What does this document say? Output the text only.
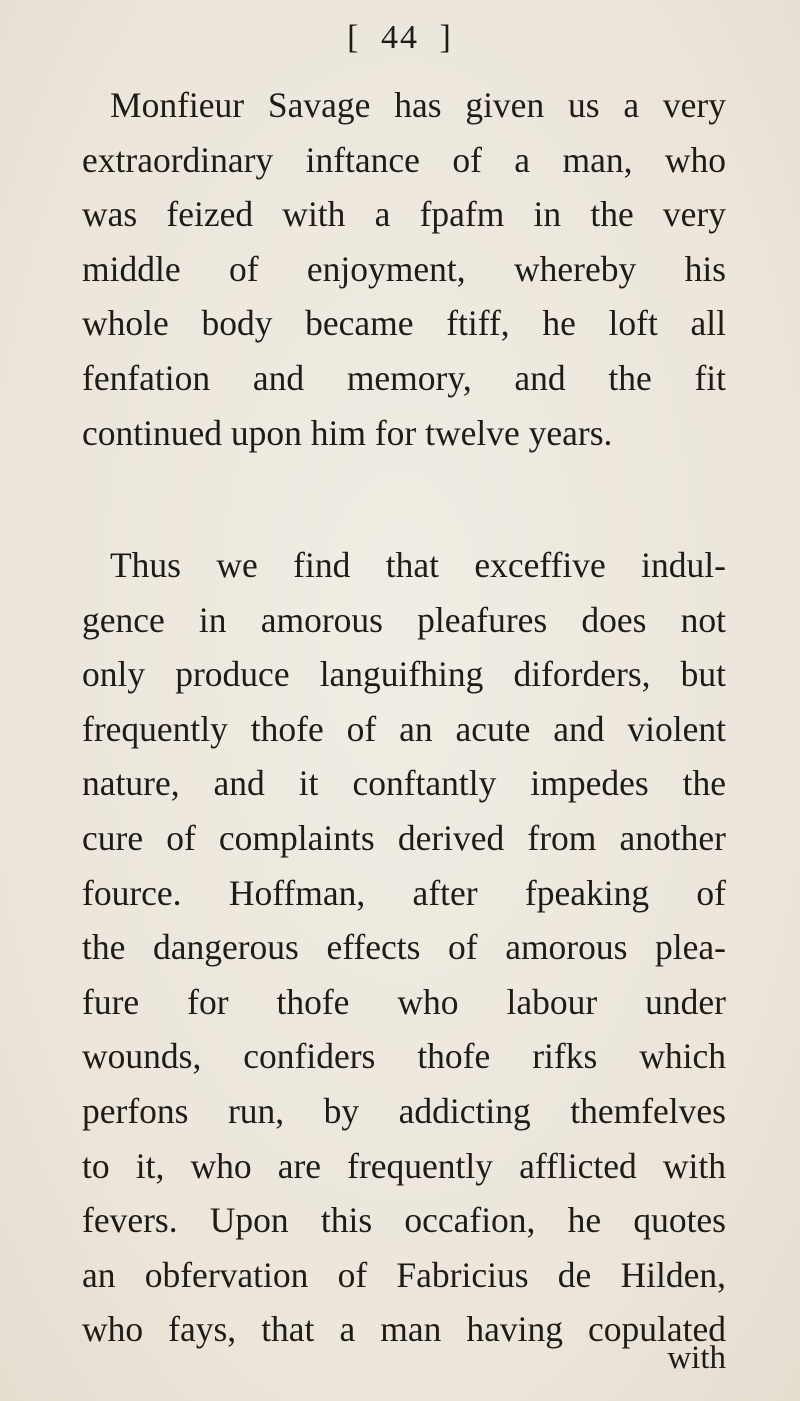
[ 44 ]
Monfieur Savage has given us a very
extraordinary inftance of a man, who
was feized with a fpafm in the very
middle of enjoyment, whereby his
whole body became ftiff, he loft all
fenfation and memory, and the fit
continued upon him for twelve years.
Thus we find that exceffive indul-
gence in amorous pleafures does not
only produce languifhing diforders, but
frequently thofe of an acute and violent
nature, and it conftantly impedes the
cure of complaints derived from another
fource. Hoffman, after fpeaking of
the dangerous effects of amorous plea-
fure for thofe who labour under
wounds, confiders thofe rifks which
perfons run, by addicting themfelves
to it, who are frequently afflicted with
fevers. Upon this occafion, he quotes
an obfervation of Fabricius de Hilden,
who fays, that a man having copulated
with
